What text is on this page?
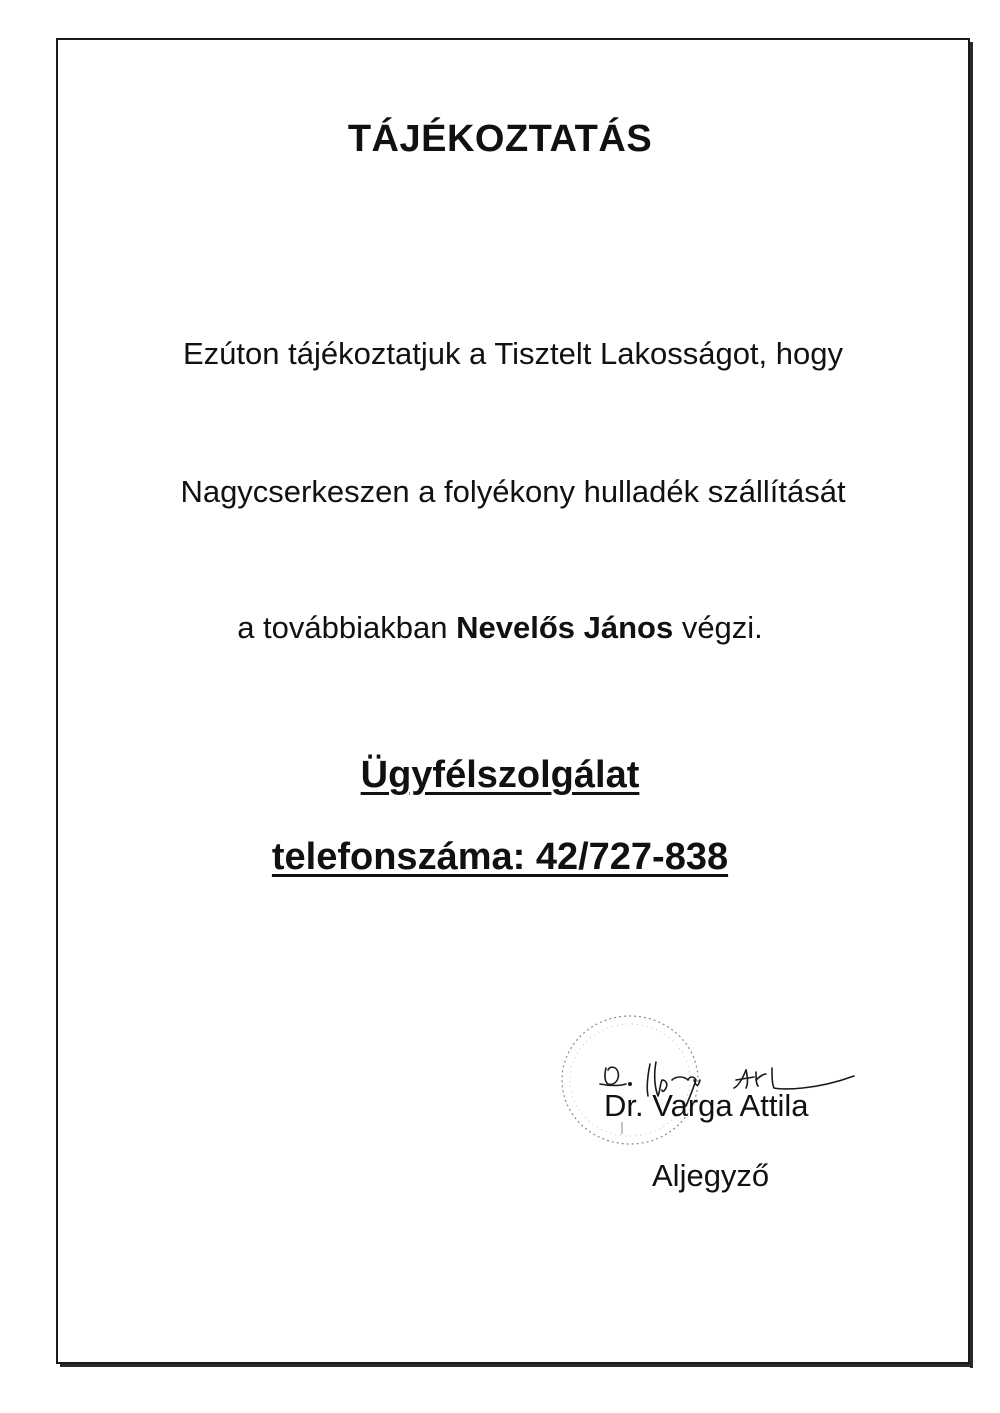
TÁJÉKOZTATÁS
Ezúton tájékoztatjuk a Tisztelt Lakosságot, hogy
Nagycserkeszen a folyékony hulladék szállítását
a továbbiakban Nevelős János végzi.
Ügyfélszolgálat
telefonszáma: 42/727-838
Dr. Varga Attila
Aljegyző
